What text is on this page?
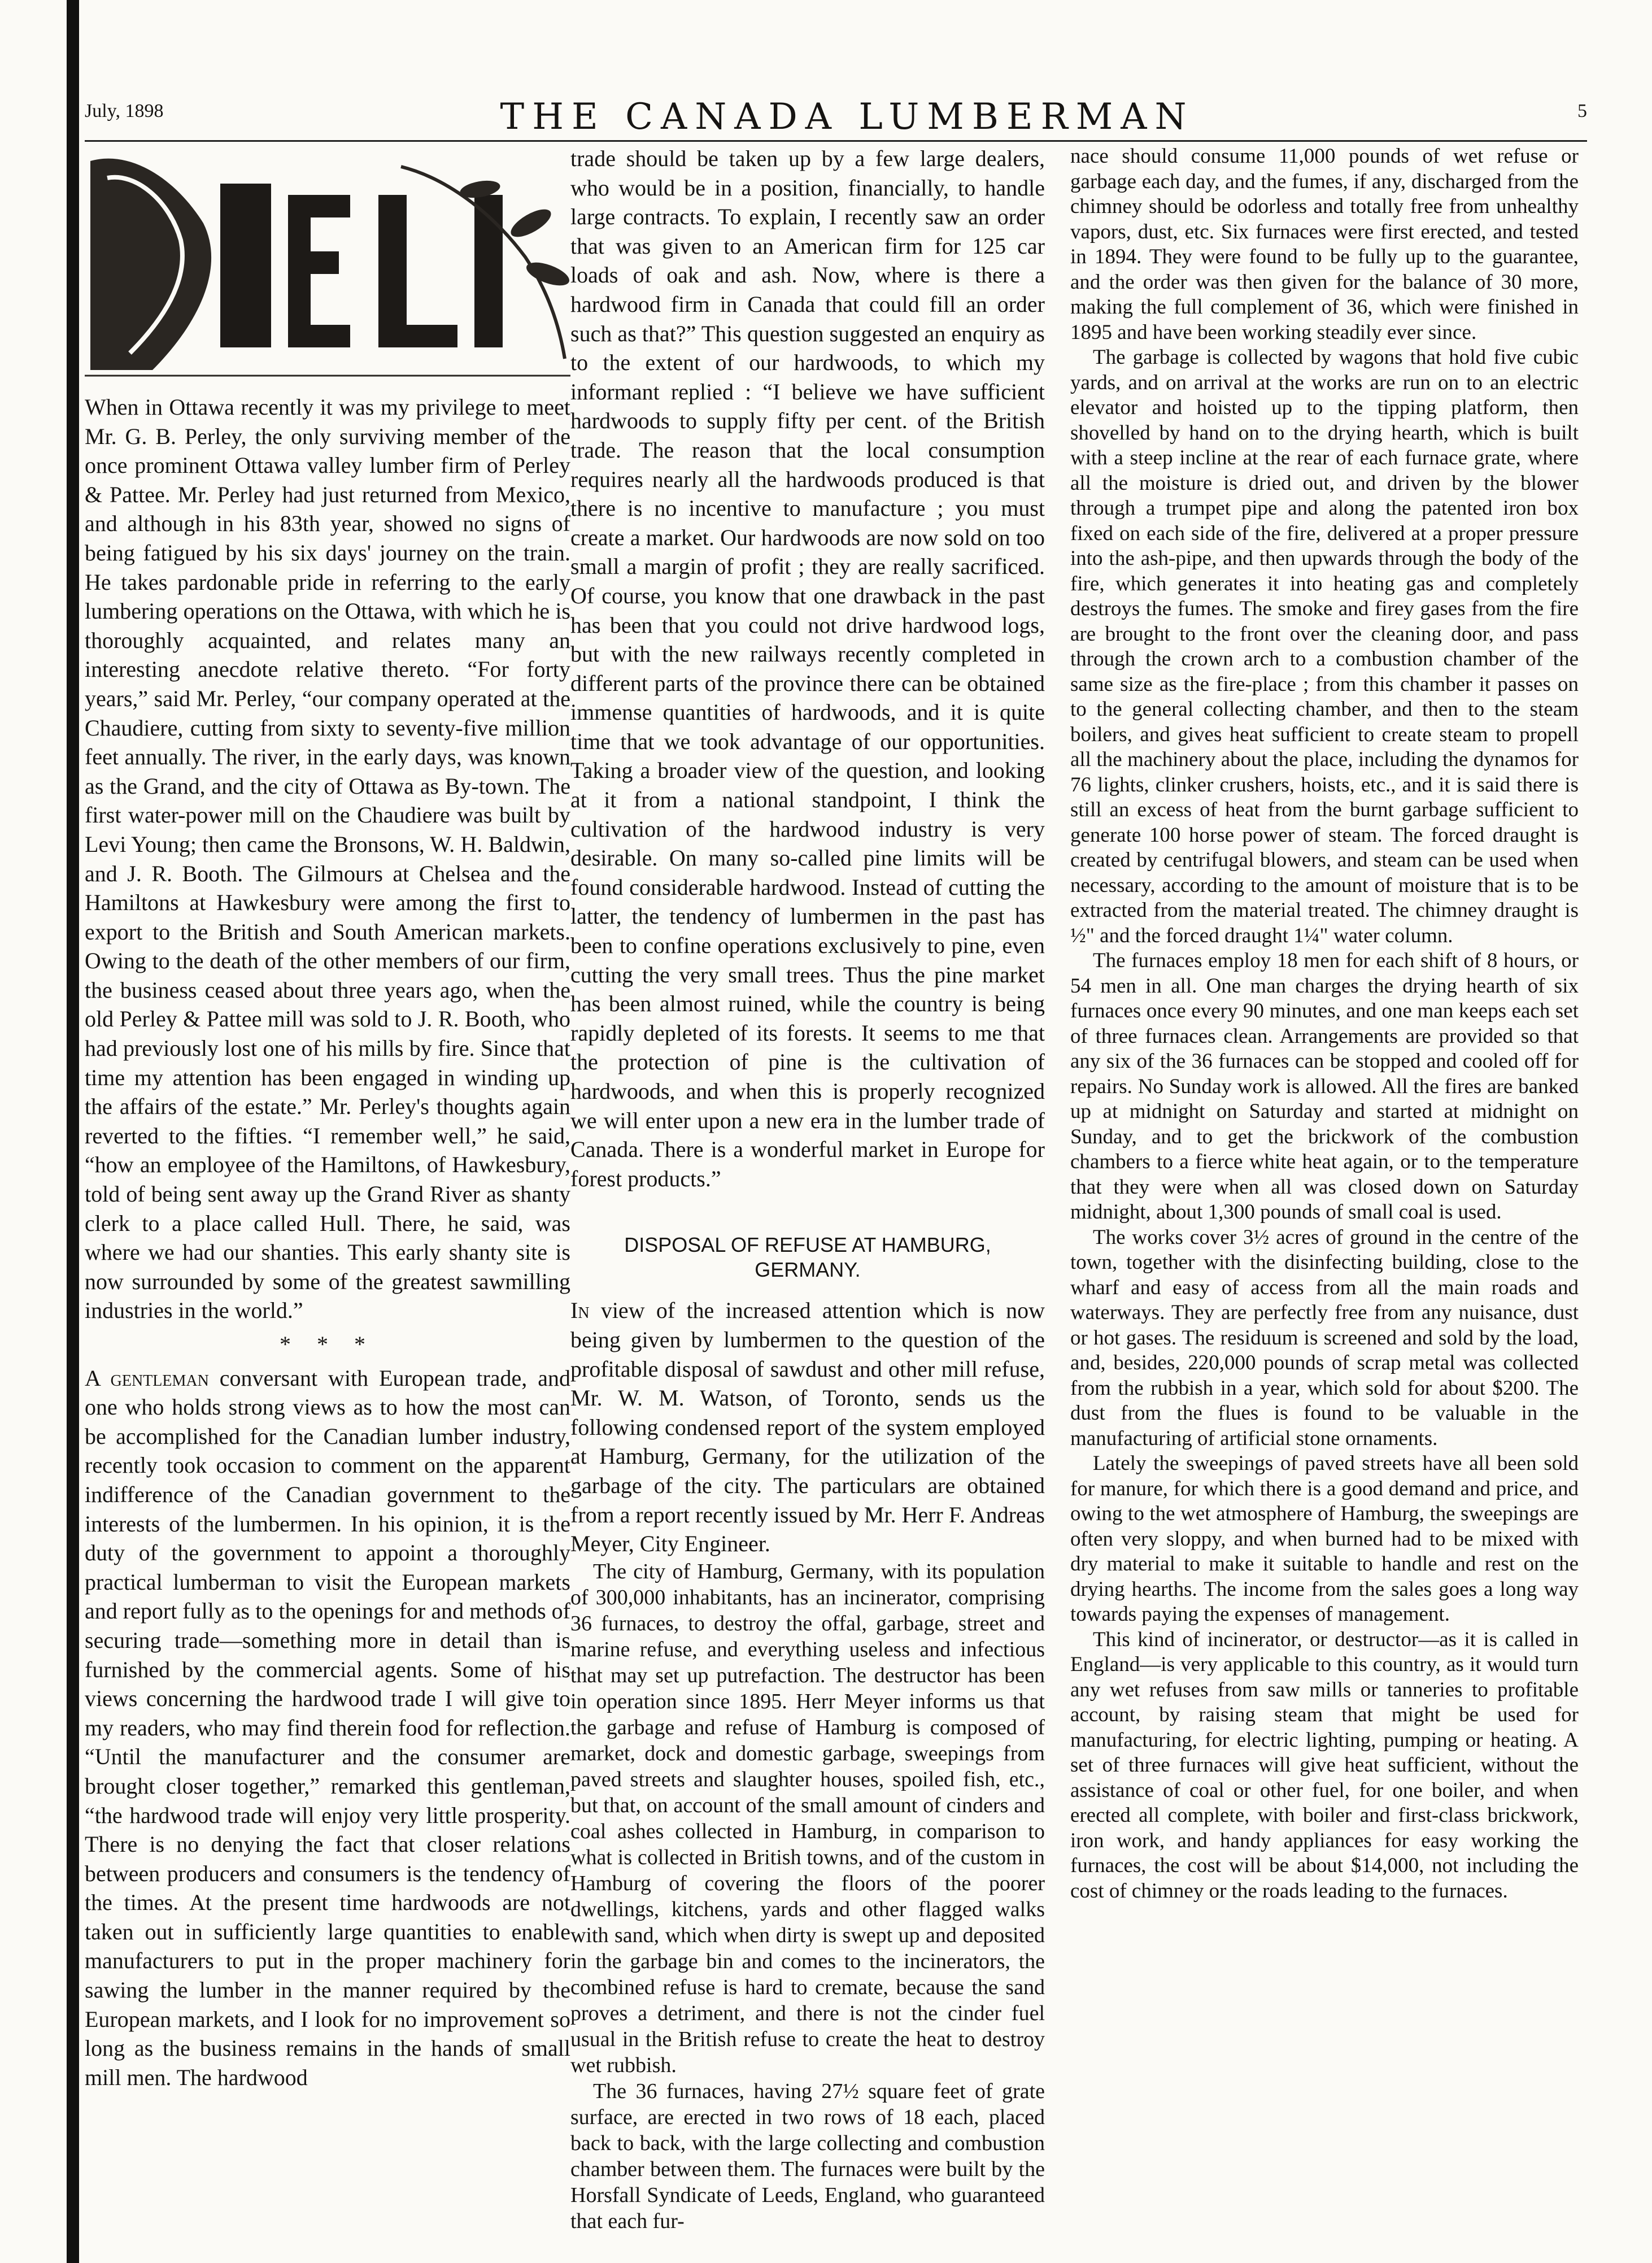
July, 1898	THE CANADA LUMBERMAN	5

When in Ottawa recently it was my privilege to meet Mr. G. B. Perley, the only surviving member of the once prominent Ottawa valley lumber firm of Perley & Pattee. Mr. Perley had just returned from Mexico, and although in his 83th year, showed no signs of being fatigued by his six days' journey on the train. He takes pardonable pride in referring to the early lumbering operations on the Ottawa, with which he is thoroughly acquainted, and relates many an interesting anecdote relative thereto. “For forty years,” said Mr. Perley, “our company operated at the Chaudiere, cutting from sixty to seventy-five million feet annually. The river, in the early days, was known as the Grand, and the city of Ottawa as By-town. The first water-power mill on the Chaudiere was built by Levi Young; then came the Bronsons, W. H. Baldwin, and J. R. Booth. The Gilmours at Chelsea and the Hamiltons at Hawkesbury were among the first to export to the British and South American markets. Owing to the death of the other members of our firm, the business ceased about three years ago, when the old Perley & Pattee mill was sold to J. R. Booth, who had previously lost one of his mills by fire. Since that time my attention has been engaged in winding up the affairs of the estate.” Mr. Perley's thoughts again reverted to the fifties. “I remember well,” he said, “how an employee of the Hamiltons, of Hawkesbury, told of being sent away up the Grand River as shanty clerk to a place called Hull. There, he said, was where we had our shanties. This early shanty site is now surrounded by some of the greatest sawmilling industries in the world.”

* * *

A gentleman conversant with European trade, and one who holds strong views as to how the most can be accomplished for the Canadian lumber industry, recently took occasion to comment on the apparent indifference of the Canadian government to the interests of the lumbermen. In his opinion, it is the duty of the government to appoint a thoroughly practical lumberman to visit the European markets and report fully as to the openings for and methods of securing trade—something more in detail than is furnished by the commercial agents. Some of his views concerning the hardwood trade I will give to my readers, who may find therein food for reflection. “Until the manufacturer and the consumer are brought closer together,” remarked this gentleman, “the hardwood trade will enjoy very little prosperity. There is no denying the fact that closer relations between producers and consumers is the tendency of the times. At the present time hardwoods are not taken out in sufficiently large quantities to enable manufacturers to put in the proper machinery for sawing the lumber in the manner required by the European markets, and I look for no improvement so long as the business remains in the hands of small mill men. The hardwood

trade should be taken up by a few large dealers, who would be in a position, financially, to handle large contracts. To explain, I recently saw an order that was given to an American firm for 125 car loads of oak and ash. Now, where is there a hardwood firm in Canada that could fill an order such as that?” This question suggested an enquiry as to the extent of our hardwoods, to which my informant replied : “I believe we have sufficient hardwoods to supply fifty per cent. of the British trade. The reason that the local consumption requires nearly all the hardwoods produced is that there is no incentive to manufacture ; you must create a market. Our hardwoods are now sold on too small a margin of profit ; they are really sacrificed. Of course, you know that one drawback in the past has been that you could not drive hardwood logs, but with the new railways recently completed in different parts of the province there can be obtained immense quantities of hardwoods, and it is quite time that we took advantage of our opportunities. Taking a broader view of the question, and looking at it from a national standpoint, I think the cultivation of the hardwood industry is very desirable. On many so-called pine limits will be found considerable hardwood. Instead of cutting the latter, the tendency of lumbermen in the past has been to confine operations exclusively to pine, even cutting the very small trees. Thus the pine market has been almost ruined, while the country is being rapidly depleted of its forests. It seems to me that the protection of pine is the cultivation of hardwoods, and when this is properly recognized we will enter upon a new era in the lumber trade of Canada. There is a wonderful market in Europe for forest products.”

DISPOSAL OF REFUSE AT HAMBURG,
GERMANY.

In view of the increased attention which is now being given by lumbermen to the question of the profitable disposal of sawdust and other mill refuse, Mr. W. M. Watson, of Toronto, sends us the following condensed report of the system employed at Hamburg, Germany, for the utilization of the garbage of the city. The particulars are obtained from a report recently issued by Mr. Herr F. Andreas Meyer, City Engineer.

The city of Hamburg, Germany, with its population of 300,000 inhabitants, has an incinerator, comprising 36 furnaces, to destroy the offal, garbage, street and marine refuse, and everything useless and infectious that may set up putrefaction. The destructor has been in operation since 1895. Herr Meyer informs us that the garbage and refuse of Hamburg is composed of market, dock and domestic garbage, sweepings from paved streets and slaughter houses, spoiled fish, etc., but that, on account of the small amount of cinders and coal ashes collected in Hamburg, in comparison to what is collected in British towns, and of the custom in Hamburg of covering the floors of the poorer dwellings, kitchens, yards and other flagged walks with sand, which when dirty is swept up and deposited in the garbage bin and comes to the incinerators, the combined refuse is hard to cremate, because the sand proves a detriment, and there is not the cinder fuel usual in the British refuse to create the heat to destroy wet rubbish.

The 36 furnaces, having 27½ square feet of grate surface, are erected in two rows of 18 each, placed back to back, with the large collecting and combustion chamber between them. The furnaces were built by the Horsfall Syndicate of Leeds, England, who guaranteed that each fur-

nace should consume 11,000 pounds of wet refuse or garbage each day, and the fumes, if any, discharged from the chimney should be odorless and totally free from unhealthy vapors, dust, etc. Six furnaces were first erected, and tested in 1894. They were found to be fully up to the guarantee, and the order was then given for the balance of 30 more, making the full complement of 36, which were finished in 1895 and have been working steadily ever since.

The garbage is collected by wagons that hold five cubic yards, and on arrival at the works are run on to an electric elevator and hoisted up to the tipping platform, then shovelled by hand on to the drying hearth, which is built with a steep incline at the rear of each furnace grate, where all the moisture is dried out, and driven by the blower through a trumpet pipe and along the patented iron box fixed on each side of the fire, delivered at a proper pressure into the ash-pipe, and then upwards through the body of the fire, which generates it into heating gas and completely destroys the fumes. The smoke and firey gases from the fire are brought to the front over the cleaning door, and pass through the crown arch to a combustion chamber of the same size as the fire-place ; from this chamber it passes on to the general collecting chamber, and then to the steam boilers, and gives heat sufficient to create steam to propell all the machinery about the place, including the dynamos for 76 lights, clinker crushers, hoists, etc., and it is said there is still an excess of heat from the burnt garbage sufficient to generate 100 horse power of steam. The forced draught is created by centrifugal blowers, and steam can be used when necessary, according to the amount of moisture that is to be extracted from the material treated. The chimney draught is ½" and the forced draught 1¼" water column.

The furnaces employ 18 men for each shift of 8 hours, or 54 men in all. One man charges the drying hearth of six furnaces once every 90 minutes, and one man keeps each set of three furnaces clean. Arrangements are provided so that any six of the 36 furnaces can be stopped and cooled off for repairs. No Sunday work is allowed. All the fires are banked up at midnight on Saturday and started at midnight on Sunday, and to get the brickwork of the combustion chambers to a fierce white heat again, or to the temperature that they were when all was closed down on Saturday midnight, about 1,300 pounds of small coal is used.

The works cover 3½ acres of ground in the centre of the town, together with the disinfecting building, close to the wharf and easy of access from all the main roads and waterways. They are perfectly free from any nuisance, dust or hot gases. The residuum is screened and sold by the load, and, besides, 220,000 pounds of scrap metal was collected from the rubbish in a year, which sold for about $200. The dust from the flues is found to be valuable in the manufacturing of artificial stone ornaments.

Lately the sweepings of paved streets have all been sold for manure, for which there is a good demand and price, and owing to the wet atmosphere of Hamburg, the sweepings are often very sloppy, and when burned had to be mixed with dry material to make it suitable to handle and rest on the drying hearths. The income from the sales goes a long way towards paying the expenses of management.

This kind of incinerator, or destructor—as it is called in England—is very applicable to this country, as it would turn any wet refuses from saw mills or tanneries to profitable account, by raising steam that might be used for manufacturing, for electric lighting, pumping or heating. A set of three furnaces will give heat sufficient, without the assistance of coal or other fuel, for one boiler, and when erected all complete, with boiler and first-class brickwork, iron work, and handy appliances for easy working the furnaces, the cost will be about $14,000, not including the cost of chimney or the roads leading to the furnaces.
